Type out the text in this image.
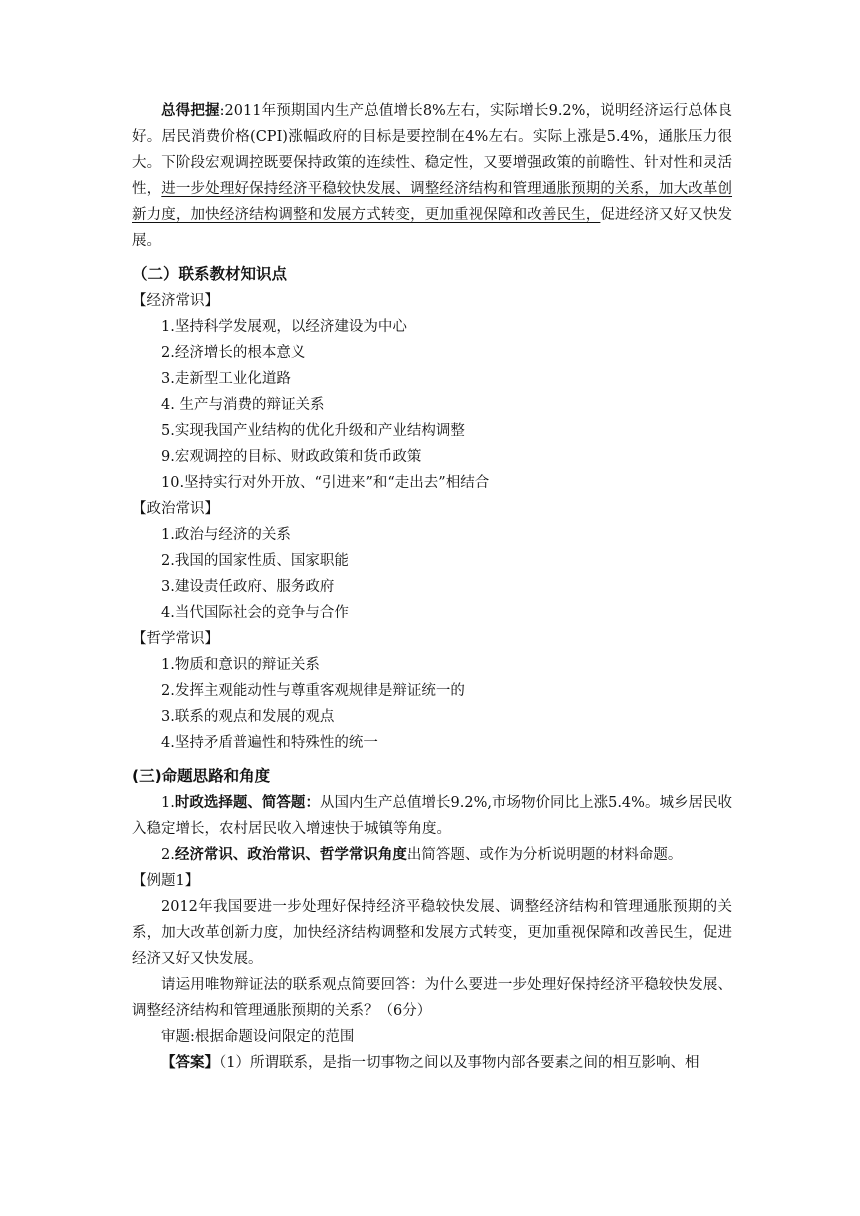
总得把握:2011年预期国内生产总值增长8%左右，实际增长9.2%，说明经济运行总体良好。居民消费价格(CPI)涨幅政府的目标是要控制在4%左右。实际上涨是5.4%，通胀压力很大。下阶段宏观调控既要保持政策的连续性、稳定性，又要增强政策的前瞻性、针对性和灵活性，进一步处理好保持经济平稳较快发展、调整经济结构和管理通胀预期的关系，加大改革创新力度，加快经济结构调整和发展方式转变，更加重视保障和改善民生，促进经济又好又快发展。

（二）联系教材知识点

【经济常识】

1.坚持科学发展观，以经济建设为中心

2.经济增长的根本意义

3.走新型工业化道路

4. 生产与消费的辩证关系

5.实现我国产业结构的优化升级和产业结构调整

9.宏观调控的目标、财政政策和货币政策

10.坚持实行对外开放、“引进来”和“走出去”相结合

【政治常识】

1.政治与经济的关系

2.我国的国家性质、国家职能

3.建设责任政府、服务政府

4.当代国际社会的竞争与合作

【哲学常识】

1.物质和意识的辩证关系

2.发挥主观能动性与尊重客观规律是辩证统一的

3.联系的观点和发展的观点

4.坚持矛盾普遍性和特殊性的统一

(三)命题思路和角度

1.时政选择题、简答题：从国内生产总值增长9.2%,市场物价同比上涨5.4%。城乡居民收入稳定增长，农村居民收入增速快于城镇等角度。

2.经济常识、政治常识、哲学常识角度出简答题、或作为分析说明题的材料命题。

【例题1】

2012年我国要进一步处理好保持经济平稳较快发展、调整经济结构和管理通胀预期的关系，加大改革创新力度，加快经济结构调整和发展方式转变，更加重视保障和改善民生，促进经济又好又快发展。

请运用唯物辩证法的联系观点简要回答：为什么要进一步处理好保持经济平稳较快发展、调整经济结构和管理通胀预期的关系？（6分）

审题:根据命题设问限定的范围

【答案】（1）所谓联系，是指一切事物之间以及事物内部各要素之间的相互影响、相
